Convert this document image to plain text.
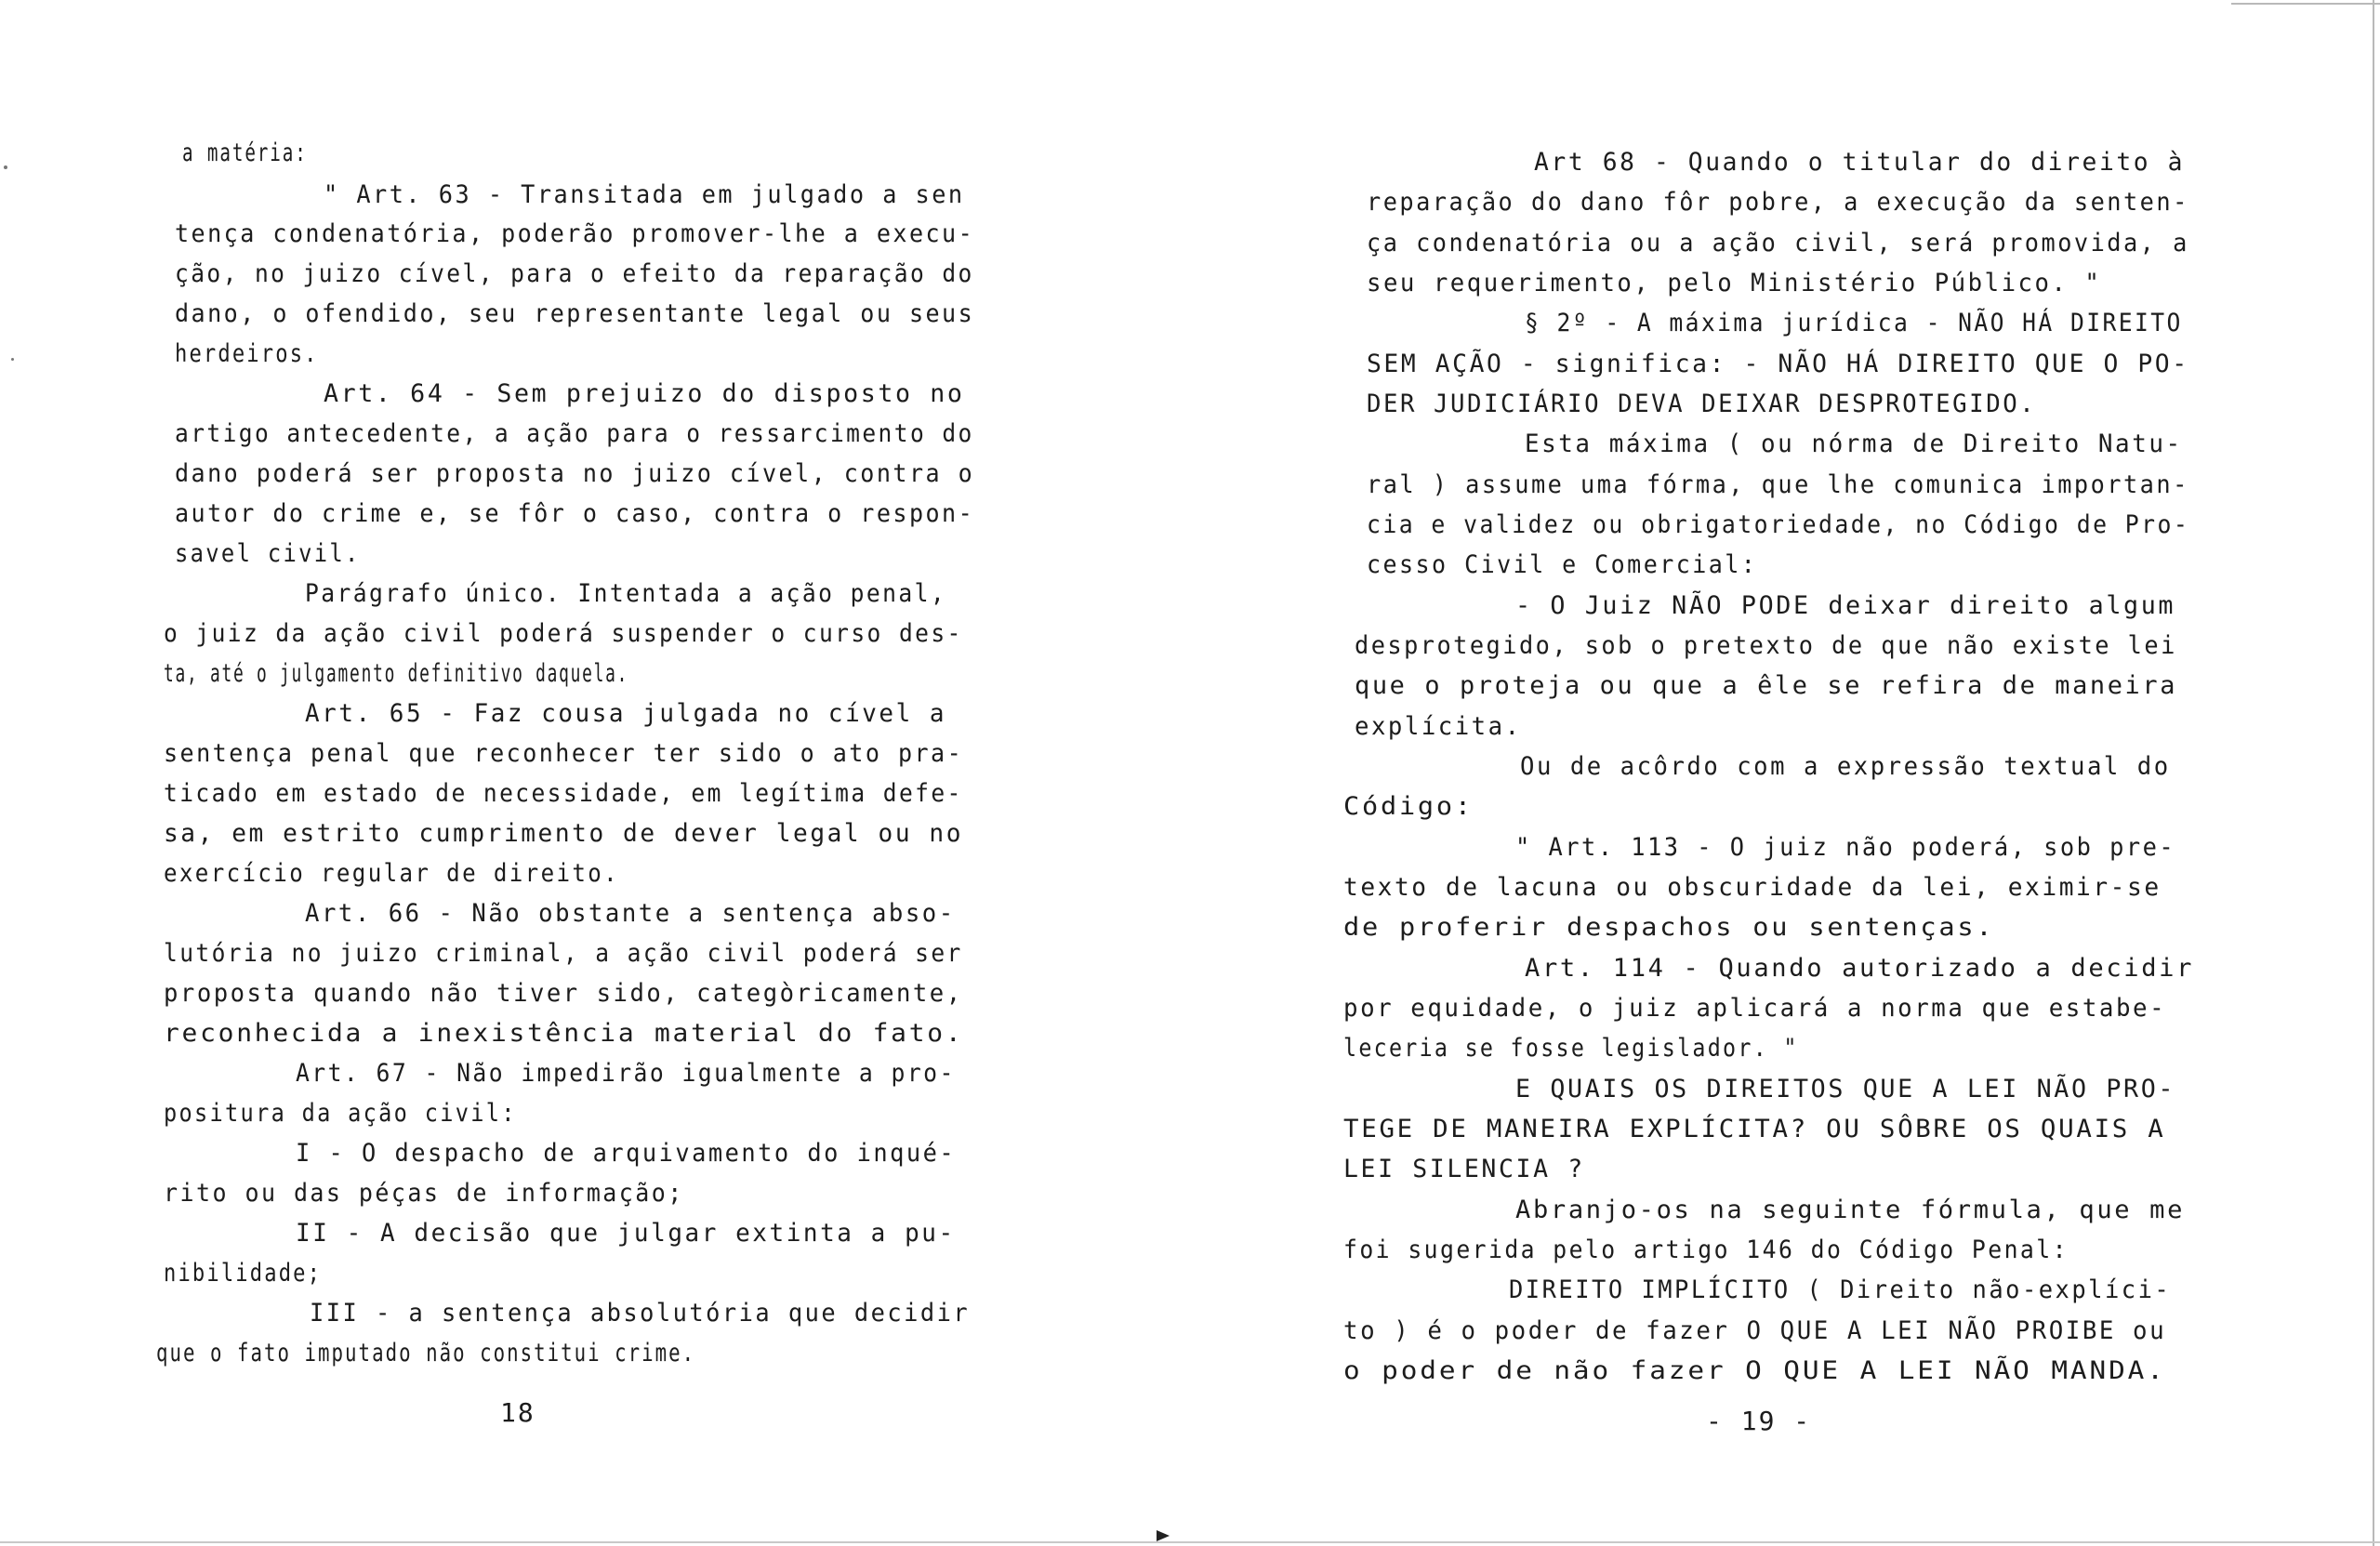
a matéria:
" Art. 63 - Transitada em julgado a sen
tença condenatória, poderão promover-lhe a execu-
ção, no juizo cível, para o efeito da reparação do
dano, o ofendido, seu representante legal ou seus
herdeiros.
Art. 64 - Sem prejuizo do disposto no
artigo antecedente, a ação para o ressarcimento do
dano poderá ser proposta no juizo cível, contra o
autor do crime e, se fôr o caso, contra o respon-
savel civil.
Parágrafo único. Intentada a ação penal,
o juiz da ação civil poderá suspender o curso des-
ta, até o julgamento definitivo daquela.
Art. 65 - Faz cousa julgada no cível a
sentença penal que reconhecer ter sido o ato pra-
ticado em estado de necessidade, em legítima defe-
sa, em estrito cumprimento de dever legal ou no
exercício regular de direito.
Art. 66 - Não obstante a sentença abso-
lutória no juizo criminal, a ação civil poderá ser
proposta quando não tiver sido, categòricamente,
reconhecida a inexistência material do fato.
Art. 67 - Não impedirão igualmente a pro-
positura da ação civil:
I - O despacho de arquivamento do inqué-
rito ou das péças de informação;
II - A decisão que julgar extinta a pu-
nibilidade;
III - a sentença absolutória que decidir
que o fato imputado não constitui crime.
18
Art 68 - Quando o titular do direito à
reparação do dano fôr pobre, a execução da senten-
ça condenatória ou a ação civil, será promovida, a
seu requerimento, pelo Ministério Público. "
§ 2º - A máxima jurídica - NÃO HÁ DIREITO
SEM AÇÃO - significa: - NÃO HÁ DIREITO QUE O PO-
DER JUDICIÁRIO DEVA DEIXAR DESPROTEGIDO.
Esta máxima ( ou nórma de Direito Natu-
ral ) assume uma fórma, que lhe comunica importan-
cia e validez ou obrigatoriedade, no Código de Pro-
cesso Civil e Comercial:
- O Juiz NÃO PODE deixar direito algum
desprotegido, sob o pretexto de que não existe lei
que o proteja ou que a êle se refira de maneira
explícita.
Ou de acôrdo com a expressão textual do
Código:
" Art. 113 - O juiz não poderá, sob pre-
texto de lacuna ou obscuridade da lei, eximir-se
de proferir despachos ou sentenças.
Art. 114 - Quando autorizado a decidir
por equidade, o juiz aplicará a norma que estabe-
leceria se fosse legislador. "
E QUAIS OS DIREITOS QUE A LEI NÃO PRO-
TEGE DE MANEIRA EXPLÍCITA? OU SÔBRE OS QUAIS A
LEI SILENCIA ?
Abranjo-os na seguinte fórmula, que me
foi sugerida pelo artigo 146 do Código Penal:
DIREITO IMPLÍCITO ( Direito não-explíci-
to ) é o poder de fazer O QUE A LEI NÃO PROIBE ou
o poder de não fazer O QUE A LEI NÃO MANDA.
- 19 -
